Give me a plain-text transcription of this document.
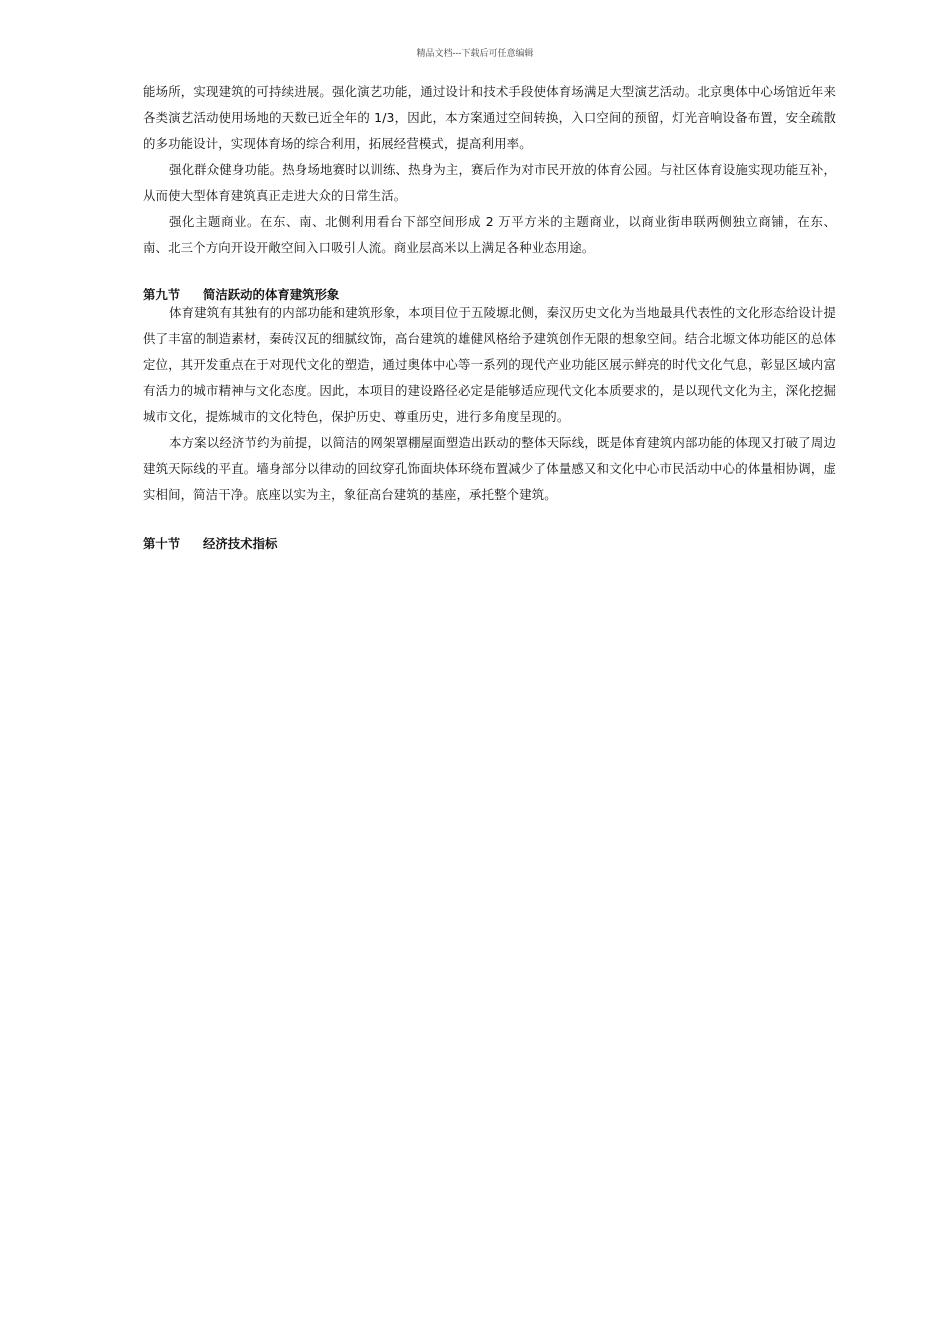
精品文档---下载后可任意编辑

能场所，实现建筑的可持续进展。强化演艺功能，通过设计和技术手段使体育场满足大型演艺活动。北京奥体中心场馆近年来各类演艺活动使用场地的天数已近全年的 1/3，因此，本方案通过空间转换，入口空间的预留，灯光音响设备布置，安全疏散的多功能设计，实现体育场的综合利用，拓展经营模式，提高利用率。

强化群众健身功能。热身场地赛时以训练、热身为主，赛后作为对市民开放的体育公园。与社区体育设施实现功能互补，从而使大型体育建筑真正走进大众的日常生活。

强化主题商业。在东、南、北侧利用看台下部空间形成 2 万平方米的主题商业，以商业街串联两侧独立商铺，在东、南、北三个方向开设开敞空间入口吸引人流。商业层高米以上满足各种业态用途。

第九节 简洁跃动的体育建筑形象

体育建筑有其独有的内部功能和建筑形象，本项目位于五陵塬北侧，秦汉历史文化为当地最具代表性的文化形态给设计提供了丰富的制造素材，秦砖汉瓦的细腻纹饰，高台建筑的雄健风格给予建筑创作无限的想象空间。结合北塬文体功能区的总体定位，其开发重点在于对现代文化的塑造，通过奥体中心等一系列的现代产业功能区展示鲜亮的时代文化气息，彰显区域内富有活力的城市精神与文化态度。因此，本项目的建设路径必定是能够适应现代文化本质要求的，是以现代文化为主，深化挖掘城市文化，提炼城市的文化特色，保护历史、尊重历史，进行多角度呈现的。

本方案以经济节约为前提，以简洁的网架罩棚屋面塑造出跃动的整体天际线，既是体育建筑内部功能的体现又打破了周边建筑天际线的平直。墙身部分以律动的回纹穿孔饰面块体环绕布置减少了体量感又和文化中心市民活动中心的体量相协调，虚实相间，简洁干净。底座以实为主，象征高台建筑的基座，承托整个建筑。

第十节 经济技术指标
